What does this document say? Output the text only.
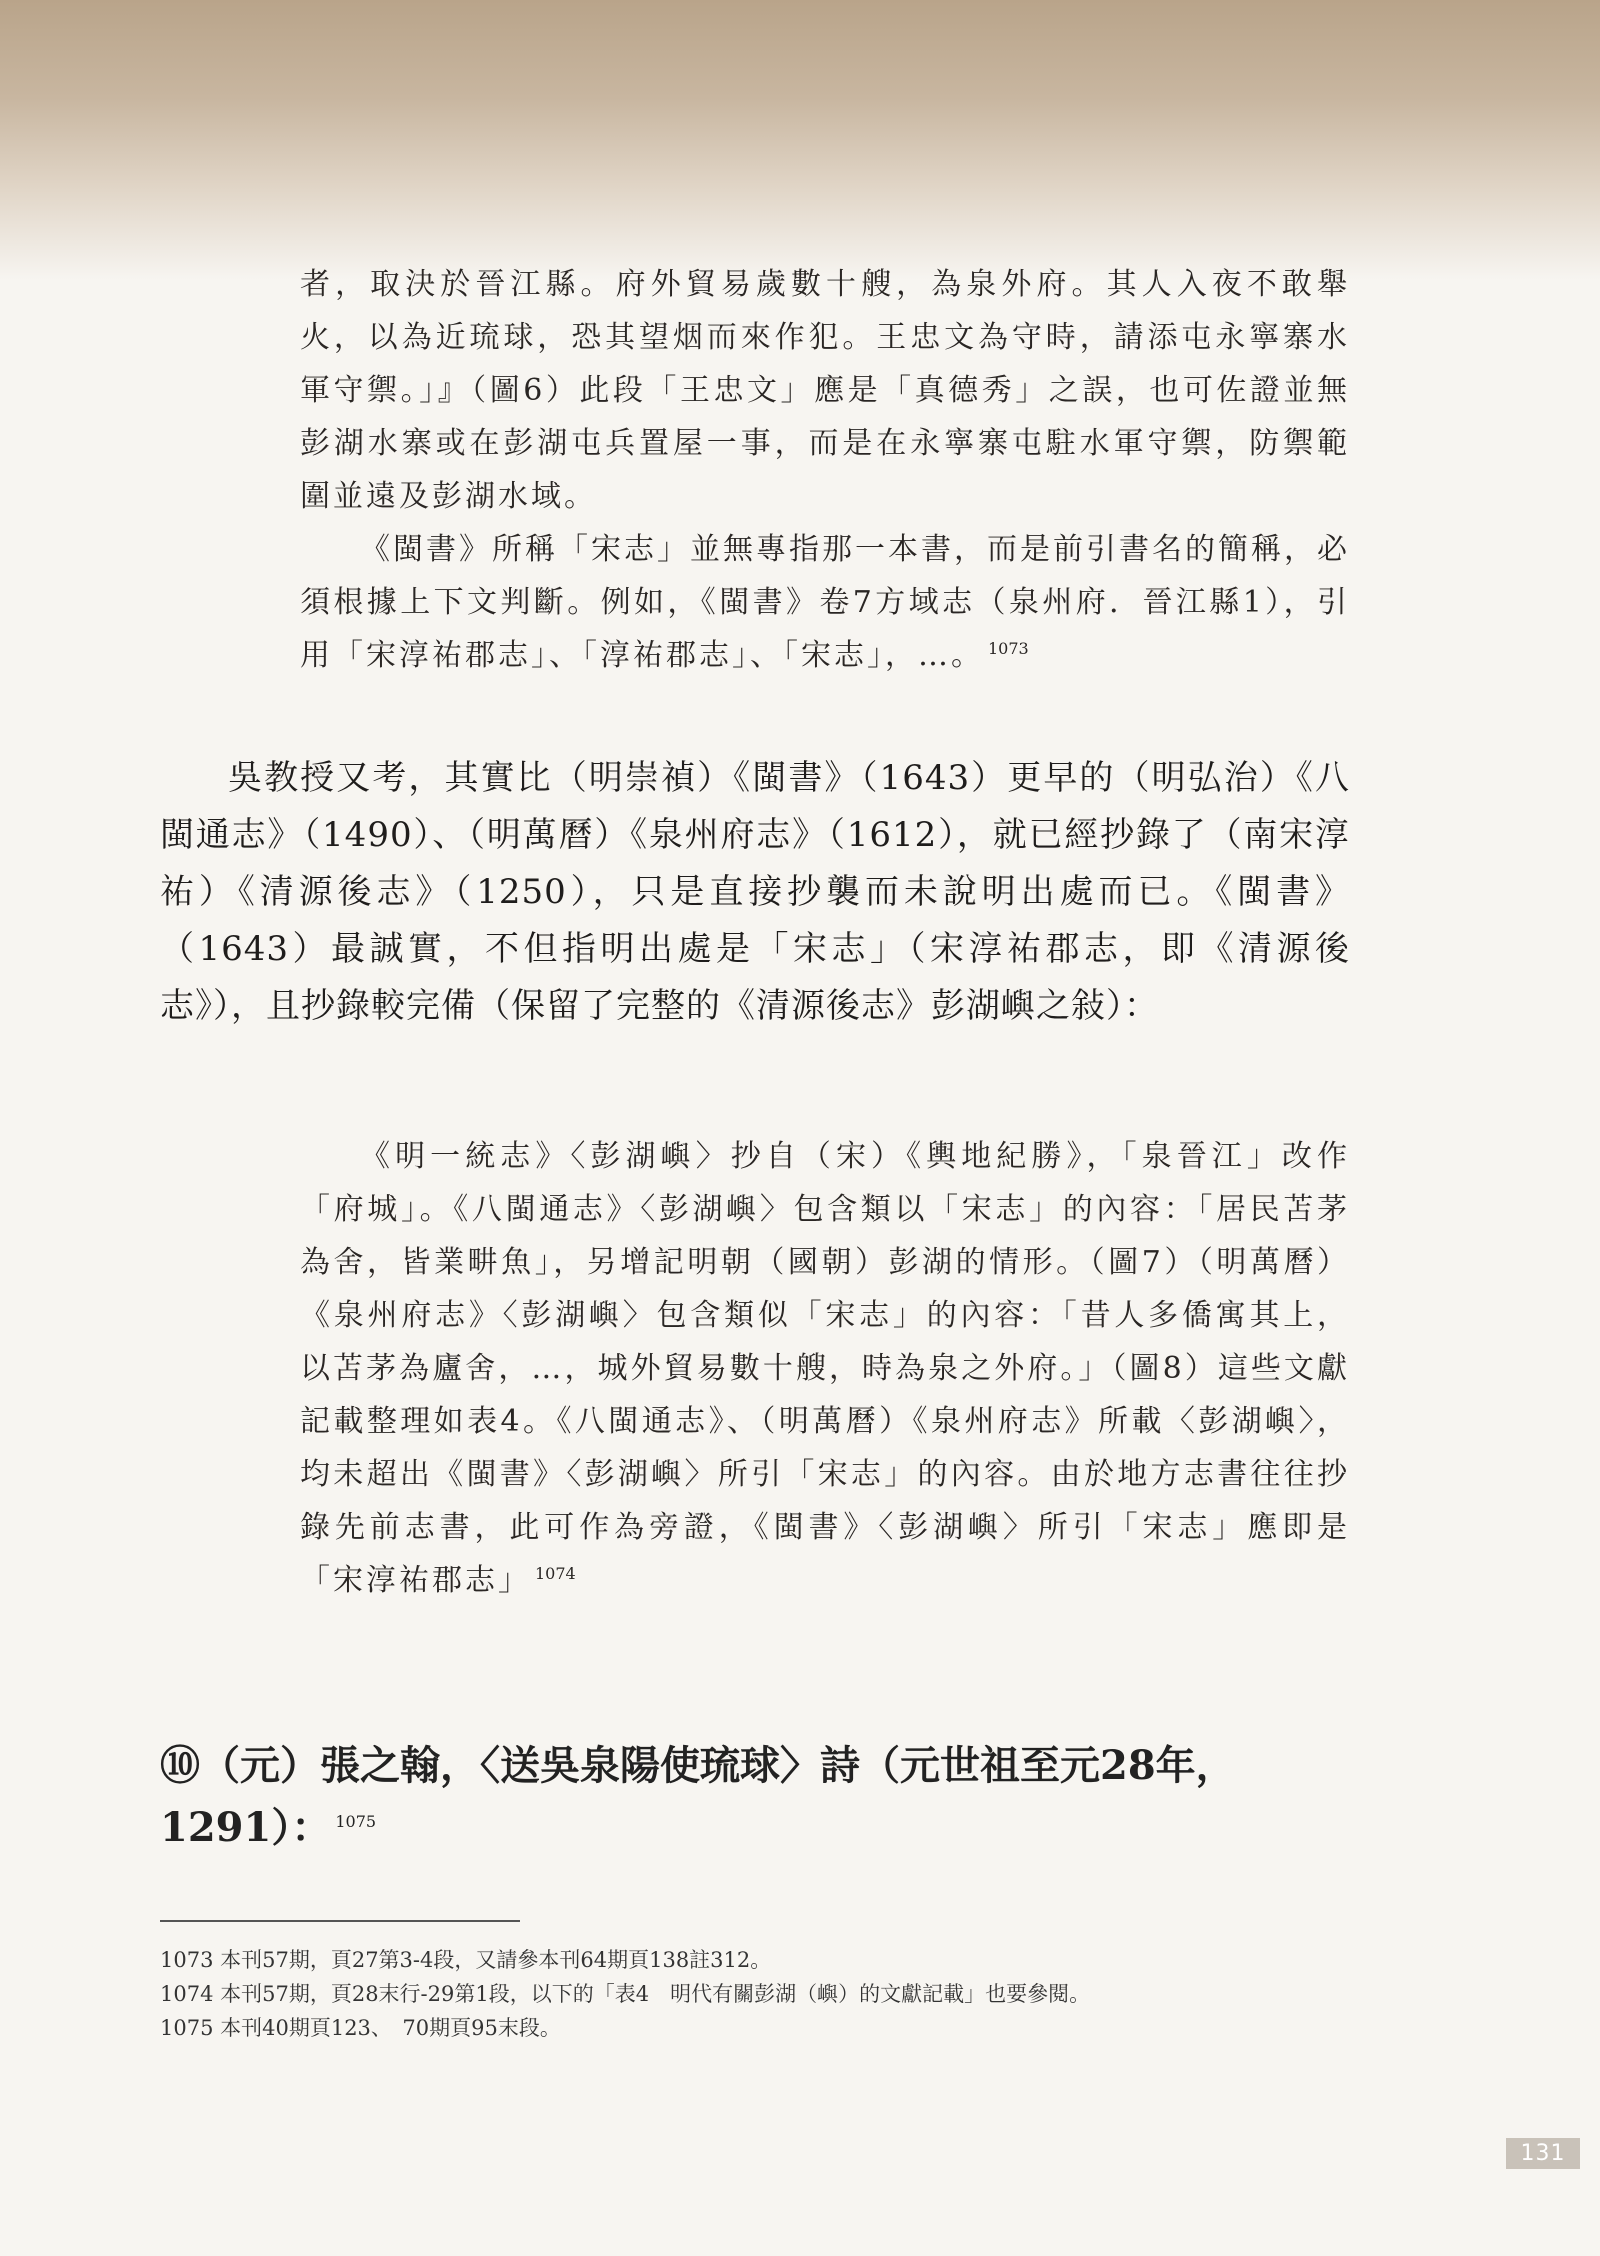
者，取決於晉江縣。府外貿易歲數十艘，為泉外府。其人入夜不敢舉火，以為近琉球，恐其望烟而來作犯。王忠文為守時，請添屯永寧寨水軍守禦。」』（圖6）此段「王忠文」應是「真德秀」之誤，也可佐證並無彭湖水寨或在彭湖屯兵置屋一事，而是在永寧寨屯駐水軍守禦，防禦範圍並遠及彭湖水域。

《閩書》所稱「宋志」並無專指那一本書，而是前引書名的簡稱，必須根據上下文判斷。例如，《閩書》卷7方域志（泉州府．晉江縣1），引用「宋淳祐郡志」、「淳祐郡志」、「宋志」，…。 $^{1073}$

吳教授又考，其實比（明崇禎）《閩書》（1643）更早的（明弘治）《八閩通志》（1490）、（明萬曆）《泉州府志》（1612），就已經抄錄了（南宋淳祐）《清源後志》（1250），只是直接抄襲而未說明出處而已。《閩書》（1643）最誠實，不但指明出處是「宋志」（宋淳祐郡志，即《清源後志》），且抄錄較完備（保留了完整的《清源後志》彭湖嶼之敍）：

《明一統志》〈彭湖嶼〉抄自（宋）《輿地紀勝》，「泉晉江」改作「府城」。《八閩通志》〈彭湖嶼〉包含類以「宋志」的內容：「居民苫茅為舍，皆業畊魚」，另增記明朝（國朝）彭湖的情形。（圖7）（明萬曆）《泉州府志》〈彭湖嶼〉包含類似「宋志」的內容：「昔人多僑寓其上，以苫茅為廬舍，…，城外貿易數十艘，時為泉之外府。」（圖8）這些文獻記載整理如表4。《八閩通志》、（明萬曆）《泉州府志》所載〈彭湖嶼〉，均未超出《閩書》〈彭湖嶼〉所引「宋志」的內容。由於地方志書往往抄錄先前志書，此可作為旁證，《閩書》〈彭湖嶼〉所引「宋志」應即是「宋淳祐郡志」 $^{1074}$

⑩（元）張之翰，〈送吳泉陽使琉球〉詩（元世祖至元28年，1291）： $^{1075}$
1073 本刊57期，頁27第3-4段，又請參本刊64期頁138註312。
1074 本刊57期，頁28末行-29第1段，以下的「表4　明代有關彭湖（嶼）的文獻記載」也要參閱。
1075 本刊40期頁123、　70期頁95末段。
131
